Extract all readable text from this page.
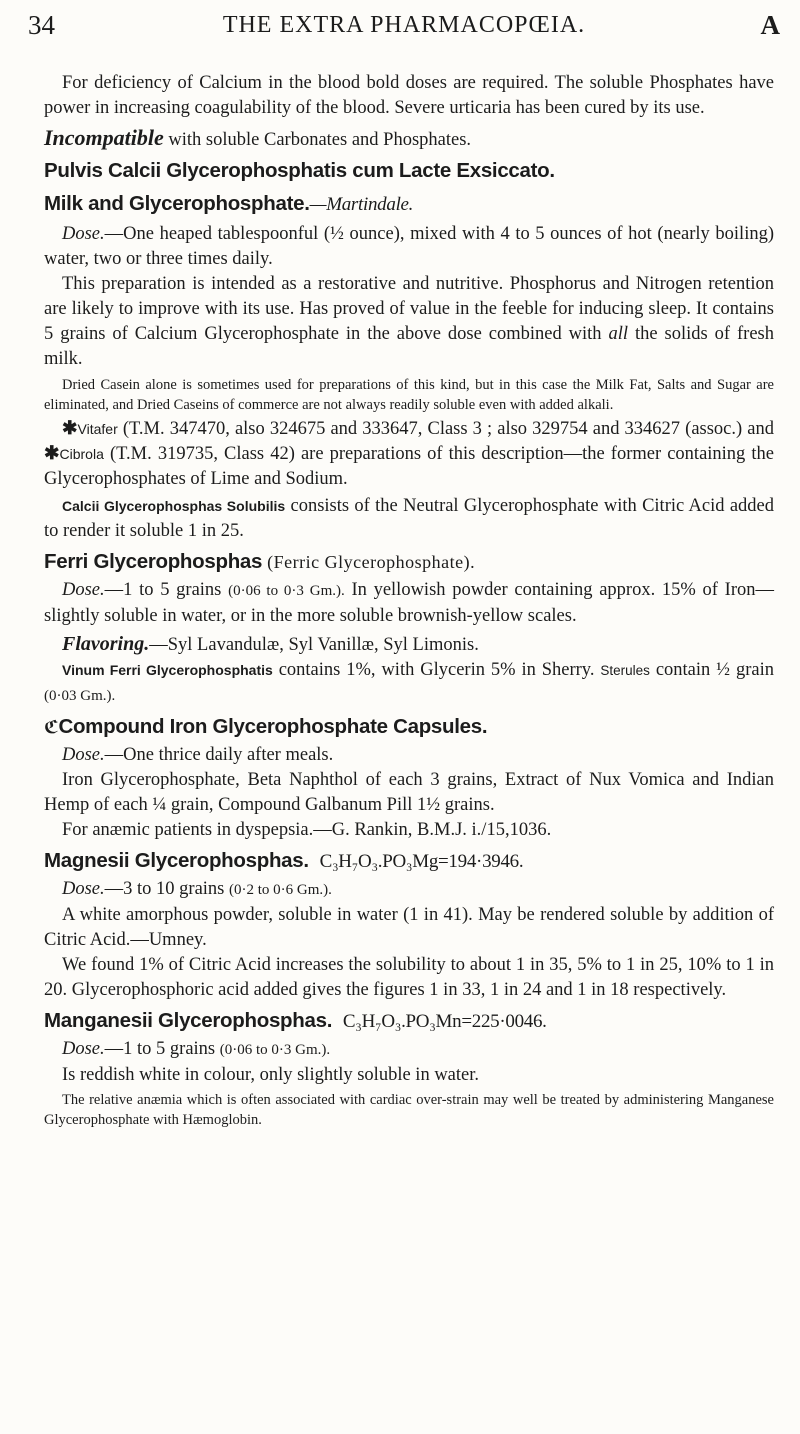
34	THE EXTRA PHARMACOPŒIA.	A
For deficiency of Calcium in the blood bold doses are required. The soluble Phosphates have power in increasing coagulability of the blood. Severe urticaria has been cured by its use.
Incompatible with soluble Carbonates and Phosphates.
Pulvis Calcii Glycerophosphatis cum Lacte Exsiccato.
Milk and Glycerophosphate.—Martindale.
Dose.—One heaped tablespoonful (½ ounce), mixed with 4 to 5 ounces of hot (nearly boiling) water, two or three times daily.
This preparation is intended as a restorative and nutritive. Phosphorus and Nitrogen retention are likely to improve with its use. Has proved of value in the feeble for inducing sleep. It contains 5 grains of Calcium Glycerophosphate in the above dose combined with all the solids of fresh milk.
Dried Casein alone is sometimes used for preparations of this kind, but in this case the Milk Fat, Salts and Sugar are eliminated, and Dried Caseins of commerce are not always readily soluble even with added alkali.
✱Vitafer (T.M. 347470, also 324675 and 333647, Class 3 ; also 329754 and 334627 (assoc.) and ✱Cibrola (T.M. 319735, Class 42) are preparations of this description—the former containing the Glycerophosphates of Lime and Sodium.
Calcii Glycerophosphas Solubilis consists of the Neutral Glycerophosphate with Citric Acid added to render it soluble 1 in 25.
Ferri Glycerophosphas (Ferric Glycerophosphate).
Dose.—1 to 5 grains (0·06 to 0·3 Gm.). In yellowish powder containing approx. 15% of Iron—slightly soluble in water, or in the more soluble brownish-yellow scales.
Flavoring.—Syl Lavandulæ, Syl Vanillæ, Syl Limonis.
Vinum Ferri Glycerophosphatis contains 1%, with Glycerin 5% in Sherry. Sterules contain ½ grain (0·03 Gm.).
ℭCompound Iron Glycerophosphate Capsules.
Dose.—One thrice daily after meals.
Iron Glycerophosphate, Beta Naphthol of each 3 grains, Extract of Nux Vomica and Indian Hemp of each ¼ grain, Compound Galbanum Pill 1½ grains.
For anæmic patients in dyspepsia.—G. Rankin, B.M.J. i./15,1036.
Magnesii Glycerophosphas. C₃H₇O₃.PO₃Mg=194·3946.
Dose.—3 to 10 grains (0·2 to 0·6 Gm.).
A white amorphous powder, soluble in water (1 in 41). May be rendered soluble by addition of Citric Acid.—Umney.
We found 1% of Citric Acid increases the solubility to about 1 in 35, 5% to 1 in 25, 10% to 1 in 20. Glycerophosphoric acid added gives the figures 1 in 33, 1 in 24 and 1 in 18 respectively.
Manganesii Glycerophosphas. C₃H₇O₃.PO₃Mn=225·0046.
Dose.—1 to 5 grains (0·06 to 0·3 Gm.).
Is reddish white in colour, only slightly soluble in water.
The relative anæmia which is often associated with cardiac over-strain may well be treated by administering Manganese Glycerophosphate with Hæmoglobin.
